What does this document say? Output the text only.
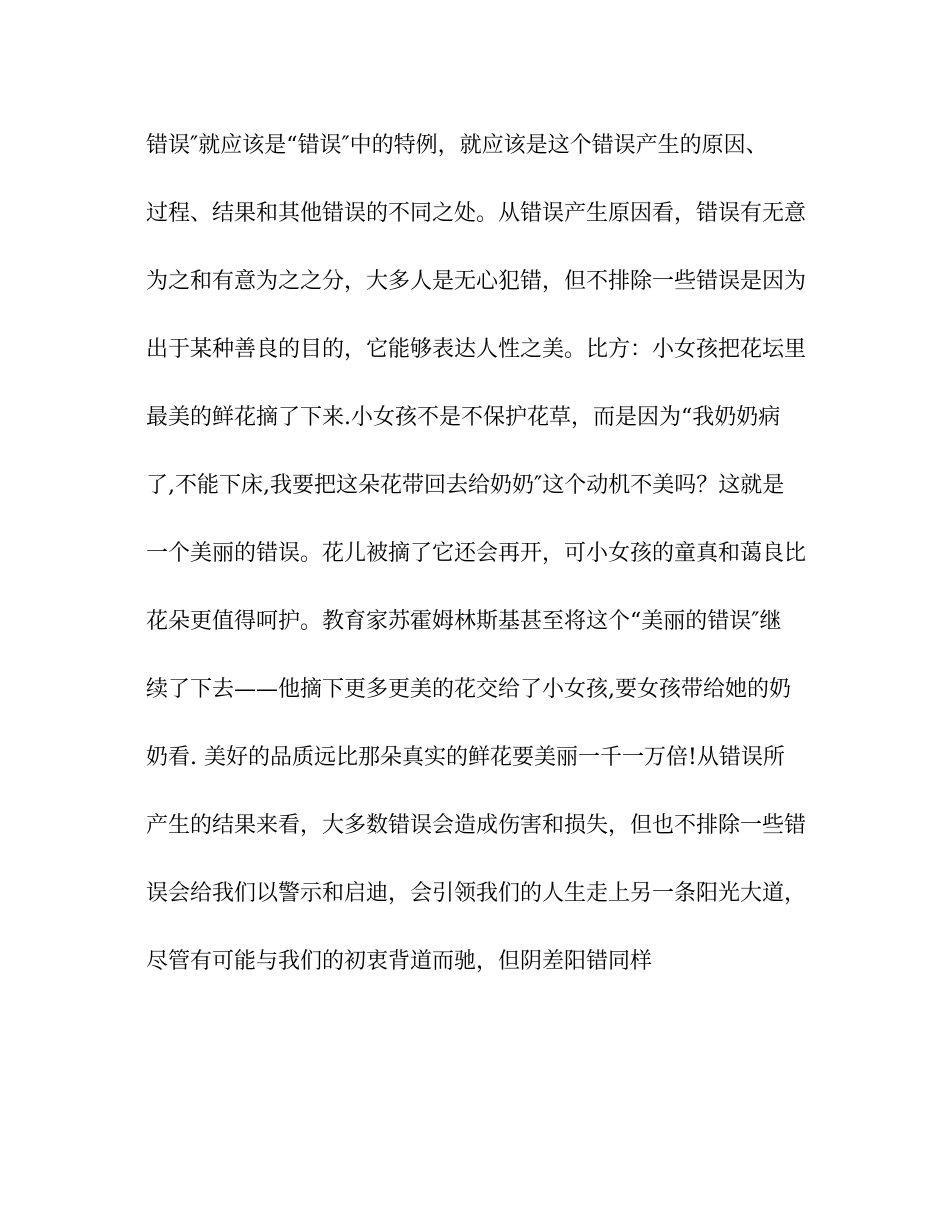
错误″就应该是“错误″中的特例，就应该是这个错误产生的原因、
过程、结果和其他错误的不同之处。从错误产生原因看，错误有无意
为之和有意为之之分，大多人是无心犯错，但不排除一些错误是因为
出于某种善良的目的，它能够表达人性之美。比方：小女孩把花坛里
最美的鲜花摘了下来.小女孩不是不保护花草，而是因为“我奶奶病
了,不能下床,我要把这朵花带回去给奶奶″这个动机不美吗？这就是
一个美丽的错误。花儿被摘了它还会再开，可小女孩的童真和蔼良比
花朵更值得呵护。教育家苏霍姆林斯基甚至将这个“美丽的错误″继
续了下去——他摘下更多更美的花交给了小女孩,要女孩带给她的奶
奶看. 美好的品质远比那朵真实的鲜花要美丽一千一万倍!从错误所
产生的结果来看，大多数错误会造成伤害和损失，但也不排除一些错
误会给我们以警示和启迪，会引领我们的人生走上另一条阳光大道，
尽管有可能与我们的初衷背道而驰，但阴差阳错同样
